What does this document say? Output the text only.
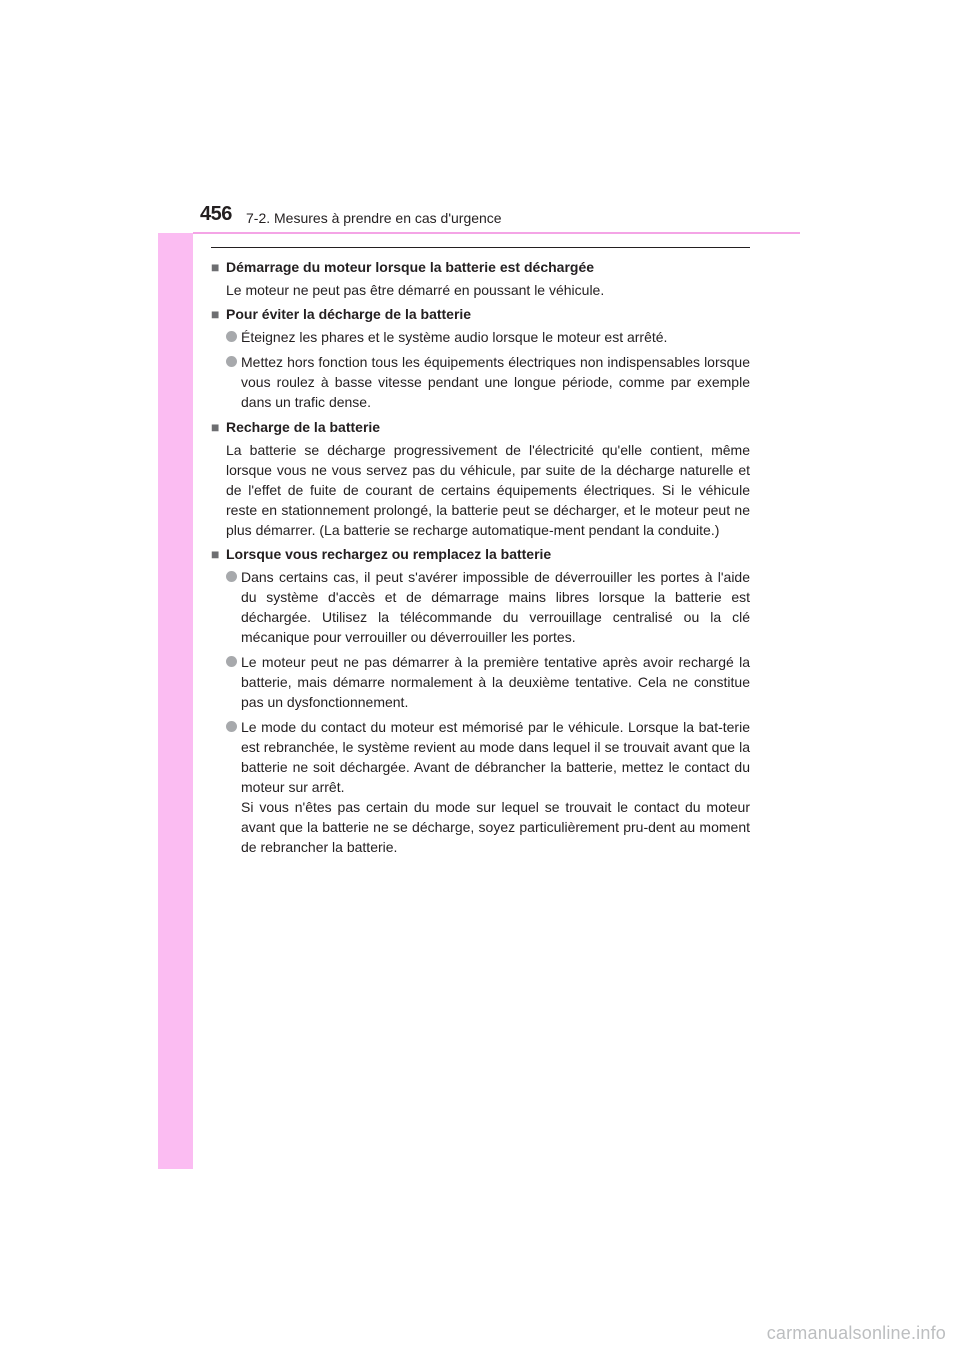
456 7-2. Mesures à prendre en cas d'urgence
■ Démarrage du moteur lorsque la batterie est déchargée
Le moteur ne peut pas être démarré en poussant le véhicule.
■ Pour éviter la décharge de la batterie
Éteignez les phares et le système audio lorsque le moteur est arrêté.
Mettez hors fonction tous les équipements électriques non indispensables lorsque vous roulez à basse vitesse pendant une longue période, comme par exemple dans un trafic dense.
■ Recharge de la batterie
La batterie se décharge progressivement de l'électricité qu'elle contient, même lorsque vous ne vous servez pas du véhicule, par suite de la décharge naturelle et de l'effet de fuite de courant de certains équipements électriques. Si le véhicule reste en stationnement prolongé, la batterie peut se décharger, et le moteur peut ne plus démarrer. (La batterie se recharge automatique-ment pendant la conduite.)
■ Lorsque vous rechargez ou remplacez la batterie
Dans certains cas, il peut s'avérer impossible de déverrouiller les portes à l'aide du système d'accès et de démarrage mains libres lorsque la batterie est déchargée. Utilisez la télécommande du verrouillage centralisé ou la clé mécanique pour verrouiller ou déverrouiller les portes.
Le moteur peut ne pas démarrer à la première tentative après avoir rechargé la batterie, mais démarre normalement à la deuxième tentative. Cela ne constitue pas un dysfonctionnement.
Le mode du contact du moteur est mémorisé par le véhicule. Lorsque la bat-terie est rebranchée, le système revient au mode dans lequel il se trouvait avant que la batterie ne soit déchargée. Avant de débrancher la batterie, mettez le contact du moteur sur arrêt.
Si vous n'êtes pas certain du mode sur lequel se trouvait le contact du moteur avant que la batterie ne se décharge, soyez particulièrement pru-dent au moment de rebrancher la batterie.
carmanualsonline.info
